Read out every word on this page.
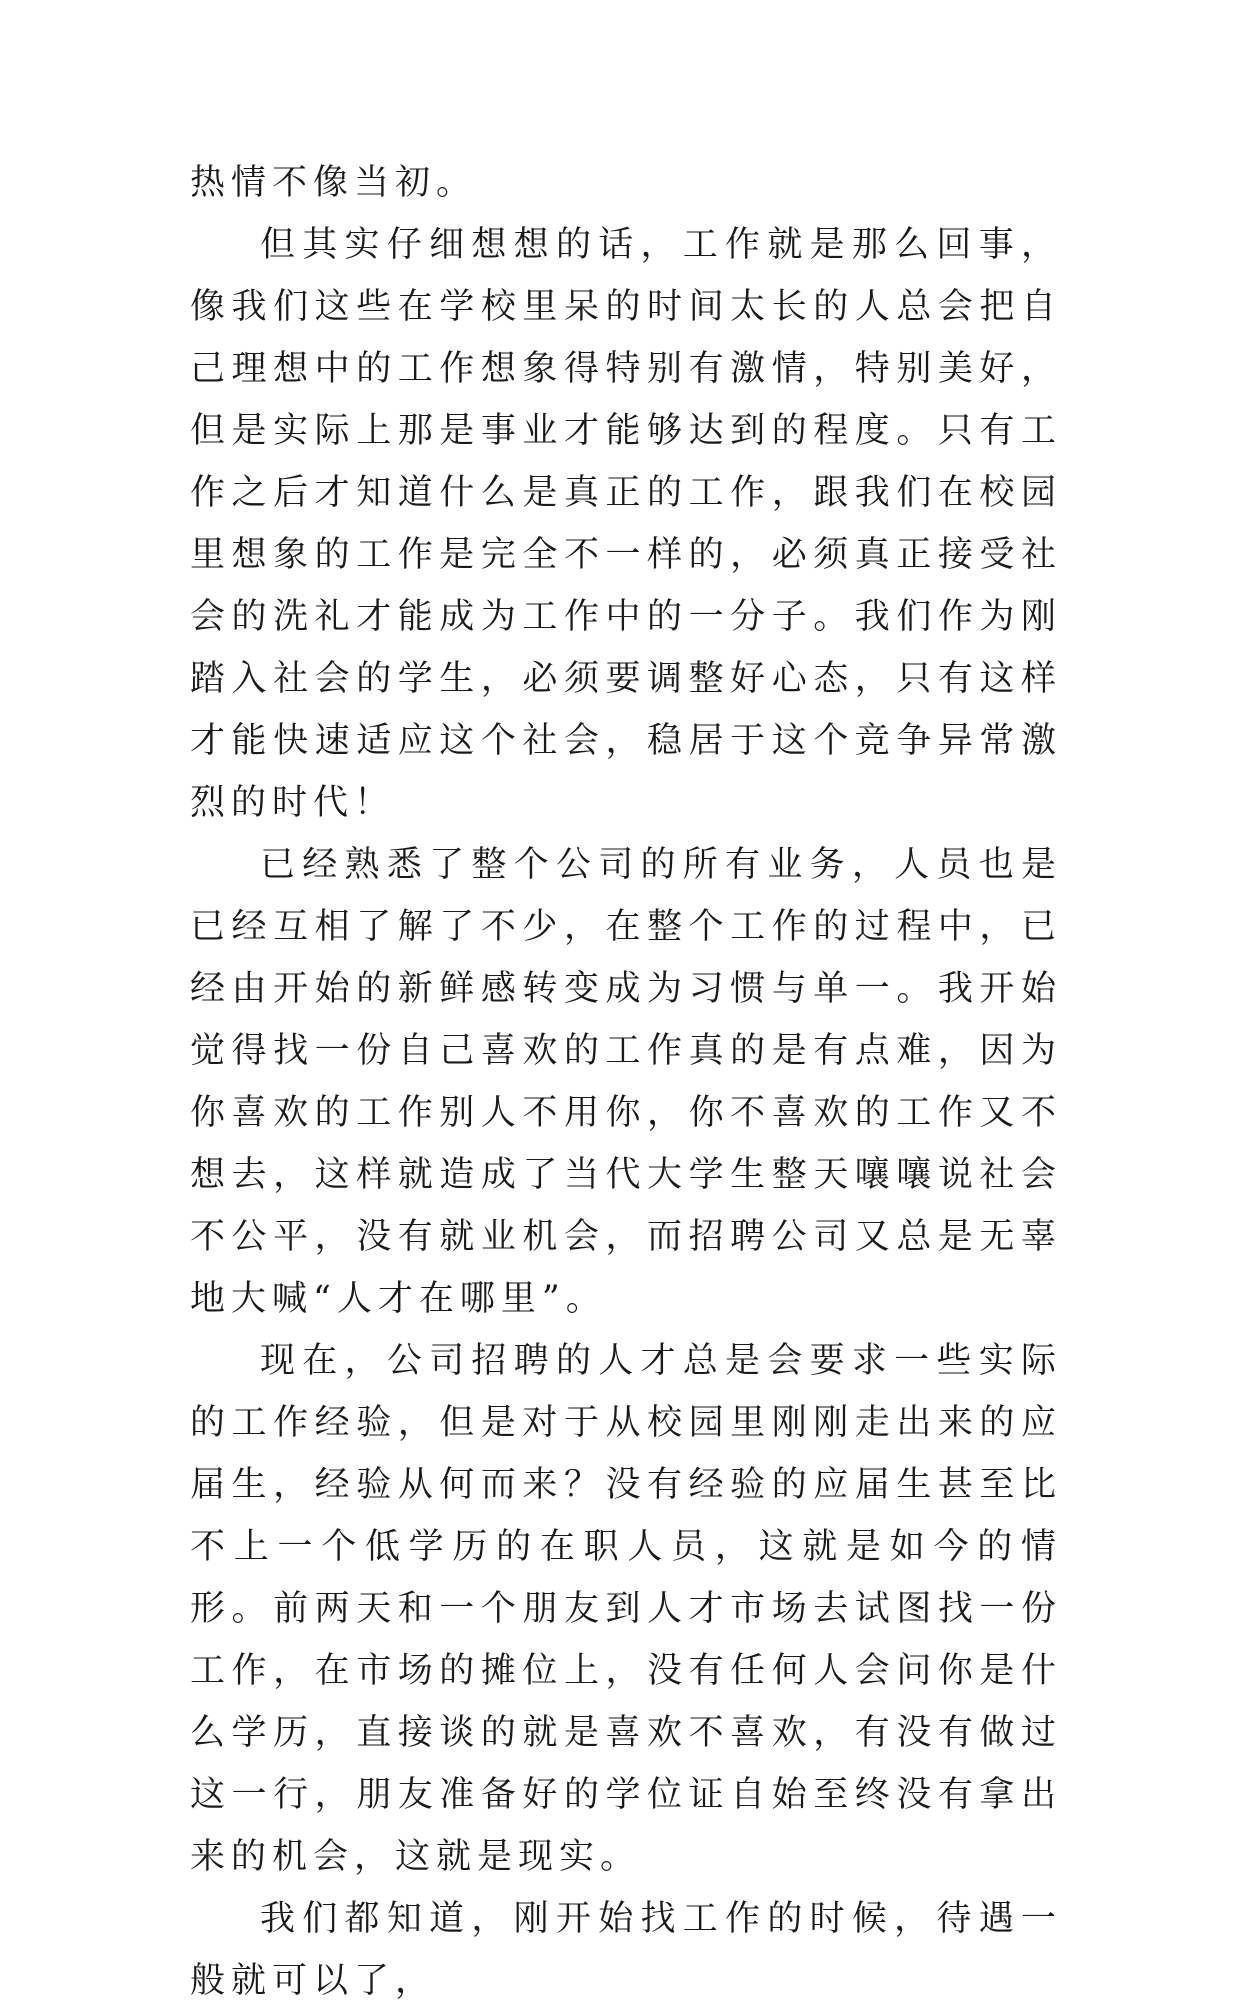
热情不像当初。

但其实仔细想想的话，工作就是那么回事，像我们这些在学校里呆的时间太长的人总会把自己理想中的工作想象得特别有激情，特别美好，但是实际上那是事业才能够达到的程度。只有工作之后才知道什么是真正的工作，跟我们在校园里想象的工作是完全不一样的，必须真正接受社会的洗礼才能成为工作中的一分子。我们作为刚踏入社会的学生，必须要调整好心态，只有这样才能快速适应这个社会，稳居于这个竞争异常激烈的时代！

已经熟悉了整个公司的所有业务，人员也是已经互相了解了不少，在整个工作的过程中，已经由开始的新鲜感转变成为习惯与单一。我开始觉得找一份自己喜欢的工作真的是有点难，因为你喜欢的工作别人不用你，你不喜欢的工作又不想去，这样就造成了当代大学生整天嚷嚷说社会不公平，没有就业机会，而招聘公司又总是无辜地大喊“人才在哪里”。

现在，公司招聘的人才总是会要求一些实际的工作经验，但是对于从校园里刚刚走出来的应届生，经验从何而来？没有经验的应届生甚至比不上一个低学历的在职人员，这就是如今的情形。前两天和一个朋友到人才市场去试图找一份工作，在市场的摊位上，没有任何人会问你是什么学历，直接谈的就是喜欢不喜欢，有没有做过这一行，朋友准备好的学位证自始至终没有拿出来的机会，这就是现实。

我们都知道，刚开始找工作的时候，待遇一般就可以了，
